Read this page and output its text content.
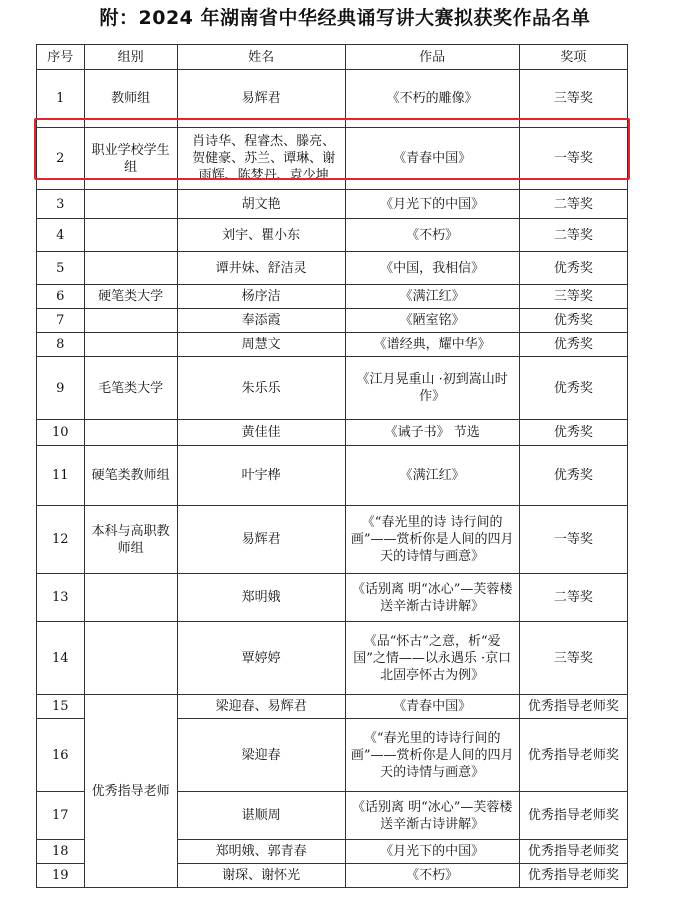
附：2024 年湖南省中华经典诵写讲大赛拟获奖作品名单
序号	组别	姓名	作品	奖项
1	教师组	易辉君	《不朽的雕像》	三等奖
2	职业学校学生组	肖诗华、程睿杰、滕亮、贺健豪、苏兰、谭琳、谢雨辉、陈梦丹、袁少坤	《青春中国》	一等奖
3		胡文艳	《月光下的中国》	二等奖
4		刘宇、瞿小东	《不朽》	二等奖
5		谭井妹、舒洁灵	《中国，我相信》	优秀奖
6	硬笔类大学	杨序洁	《满江红》	三等奖
7		奉添霞	《陋室铭》	优秀奖
8		周慧文	《谱经典，耀中华》	优秀奖
9	毛笔类大学	朱乐乐	《江月晃重山 ·初到嵩山时作》	优秀奖
10		黄佳佳	《诫子书》 节选	优秀奖
11	硬笔类教师组	叶宇桦	《满江红》	优秀奖
12	本科与高职教师组	易辉君	《“春光里的诗 诗行间的画”——赏析你是人间的四月天的诗情与画意》	一等奖
13		郑明娥	《话别离 明“冰心”—芙蓉楼送辛渐古诗讲解》	二等奖
14		覃婷婷	《品“怀古”之意，析“爱国”之情——以永遇乐 ·京口北固亭怀古为例》	三等奖
15	优秀指导老师	梁迎春、易辉君	《青春中国》	优秀指导老师奖
16		梁迎春	《“春光里的诗诗行间的画”——赏析你是人间的四月天的诗情与画意》	优秀指导老师奖
17		谌顺周	《话别离 明“冰心”—芙蓉楼送辛渐古诗讲解》	优秀指导老师奖
18		郑明娥、郭青春	《月光下的中国》	优秀指导老师奖
19		谢琛、谢怀光	《不朽》	优秀指导老师奖
